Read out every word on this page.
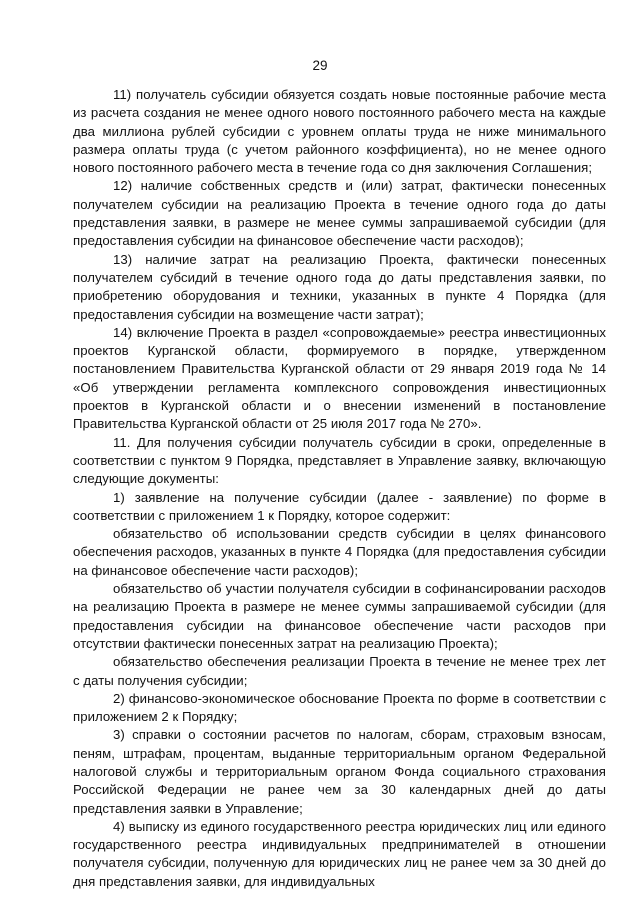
29

11) получатель субсидии обязуется создать новые постоянные рабочие места из расчета создания не менее одного нового постоянного рабочего места на каждые два миллиона рублей субсидии с уровнем оплаты труда не ниже минимального размера оплаты труда (с учетом районного коэффициента), но не менее одного нового постоянного рабочего места в течение года со дня заключения Соглашения;

12) наличие собственных средств и (или) затрат, фактически понесенных получателем субсидии на реализацию Проекта в течение одного года до даты представления заявки, в размере не менее суммы запрашиваемой субсидии (для предоставления субсидии на финансовое обеспечение части расходов);

13) наличие затрат на реализацию Проекта, фактически понесенных получателем субсидий в течение одного года до даты представления заявки, по приобретению оборудования и техники, указанных в пункте 4 Порядка (для предоставления субсидии на возмещение части затрат);

14) включение Проекта в раздел «сопровождаемые» реестра инвестиционных проектов Курганской области, формируемого в порядке, утвержденном постановлением Правительства Курганской области от 29 января 2019 года № 14 «Об утверждении регламента комплексного сопровождения инвестиционных проектов в Курганской области и о внесении изменений в постановление Правительства Курганской области от 25 июля 2017 года № 270».

11. Для получения субсидии получатель субсидии в сроки, определенные в соответствии с пунктом 9 Порядка, представляет в Управление заявку, включающую следующие документы:

1) заявление на получение субсидии (далее - заявление) по форме в соответствии с приложением 1 к Порядку, которое содержит:

обязательство об использовании средств субсидии в целях финансового обеспечения расходов, указанных в пункте 4 Порядка (для предоставления субсидии на финансовое обеспечение части расходов);

обязательство об участии получателя субсидии в софинансировании расходов на реализацию Проекта в размере не менее суммы запрашиваемой субсидии (для предоставления субсидии на финансовое обеспечение части расходов при отсутствии фактически понесенных затрат на реализацию Проекта);

обязательство обеспечения реализации Проекта в течение не менее трех лет с даты получения субсидии;

2) финансово-экономическое обоснование Проекта по форме в соответствии с приложением 2 к Порядку;

3) справки о состоянии расчетов по налогам, сборам, страховым взносам, пеням, штрафам, процентам, выданные территориальным органом Федеральной налоговой службы и территориальным органом Фонда социального страхования Российской Федерации не ранее чем за 30 календарных дней до даты представления заявки в Управление;

4) выписку из единого государственного реестра юридических лиц или единого государственного реестра индивидуальных предпринимателей в отношении получателя субсидии, полученную для юридических лиц не ранее чем за 30 дней до дня представления заявки, для индивидуальных
